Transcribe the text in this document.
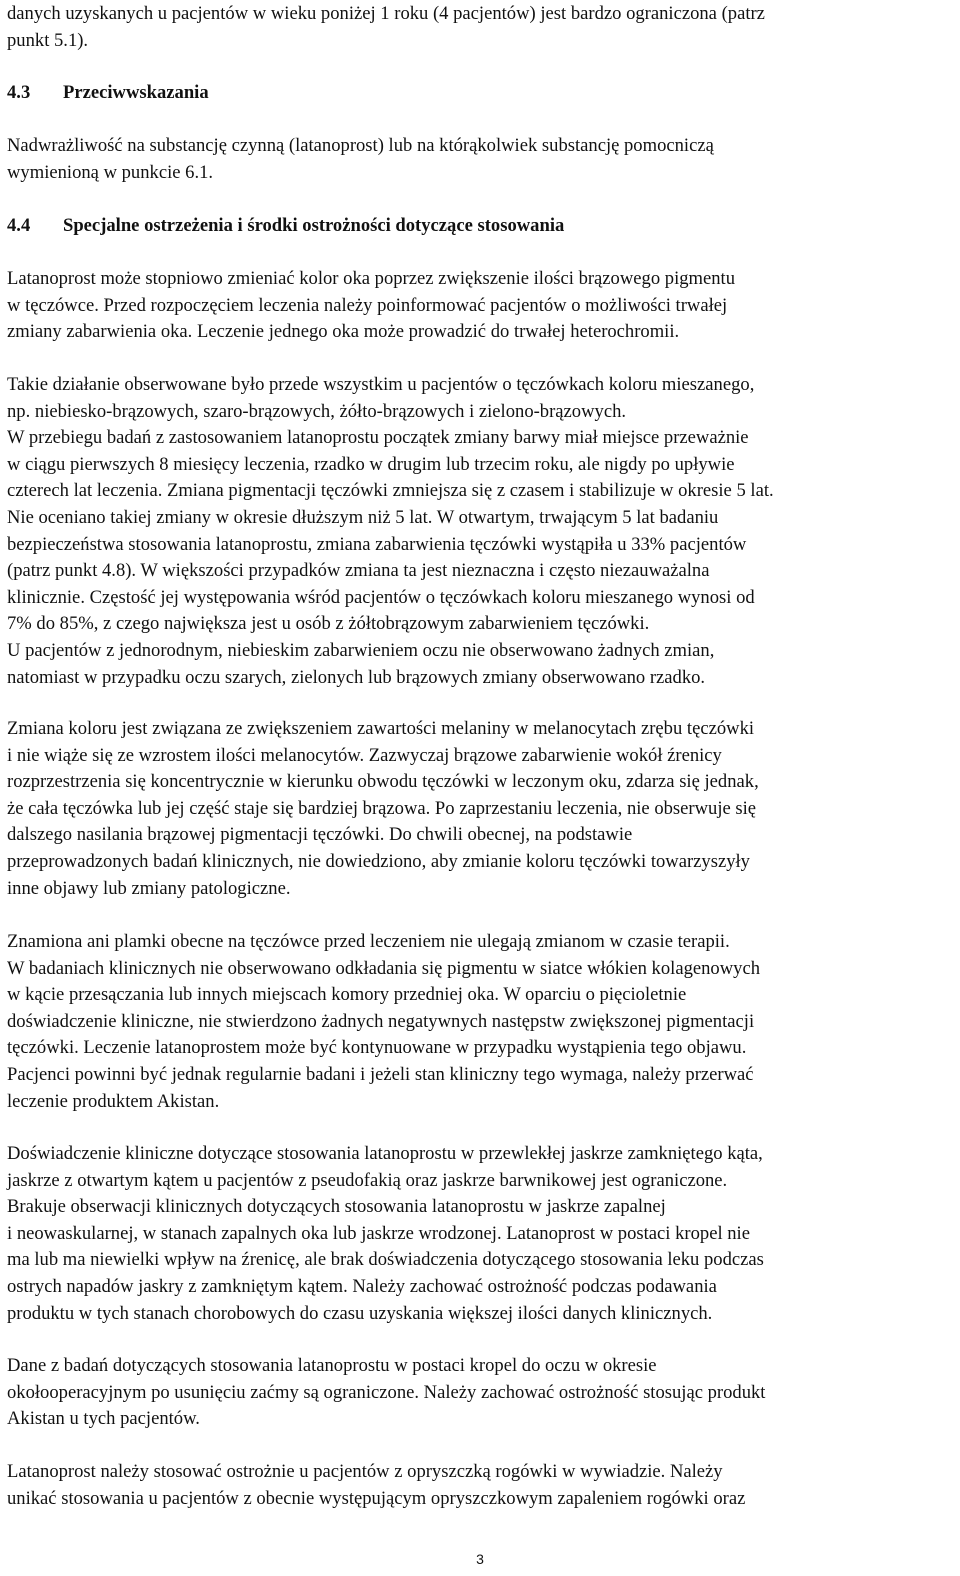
danych uzyskanych u pacjentów w wieku poniżej 1 roku (4 pacjentów) jest bardzo ograniczona (patrz
punkt 5.1).

4.3 Przeciwwskazania

Nadwrażliwość na substancję czynną (latanoprost) lub na którąkolwiek substancję pomocniczą
wymienioną w punkcie 6.1.

4.4 Specjalne ostrzeżenia i środki ostrożności dotyczące stosowania

Latanoprost może stopniowo zmieniać kolor oka poprzez zwiększenie ilości brązowego pigmentu
w tęczówce. Przed rozpoczęciem leczenia należy poinformować pacjentów o możliwości trwałej
zmiany zabarwienia oka. Leczenie jednego oka może prowadzić do trwałej heterochromii.

Takie działanie obserwowane było przede wszystkim u pacjentów o tęczówkach koloru mieszanego,
np. niebiesko-brązowych, szaro-brązowych, żółto-brązowych i zielono-brązowych.
W przebiegu badań z zastosowaniem latanoprostu początek zmiany barwy miał miejsce przeważnie
w ciągu pierwszych 8 miesięcy leczenia, rzadko w drugim lub trzecim roku, ale nigdy po upływie
czterech lat leczenia. Zmiana pigmentacji tęczówki zmniejsza się z czasem i stabilizuje w okresie 5 lat.
Nie oceniano takiej zmiany w okresie dłuższym niż 5 lat. W otwartym, trwającym 5 lat badaniu
bezpieczeństwa stosowania latanoprostu, zmiana zabarwienia tęczówki wystąpiła u 33% pacjentów
(patrz punkt 4.8). W większości przypadków zmiana ta jest nieznaczna i często niezauważalna
klinicznie. Częstość jej występowania wśród pacjentów o tęczówkach koloru mieszanego wynosi od
7% do 85%, z czego największa jest u osób z żółtobrązowym zabarwieniem tęczówki.
U pacjentów z jednorodnym, niebieskim zabarwieniem oczu nie obserwowano żadnych zmian,
natomiast w przypadku oczu szarych, zielonych lub brązowych zmiany obserwowano rzadko.

Zmiana koloru jest związana ze zwiększeniem zawartości melaniny w melanocytach zrębu tęczówki
i nie wiąże się ze wzrostem ilości melanocytów. Zazwyczaj brązowe zabarwienie wokół źrenicy
rozprzestrzenia się koncentrycznie w kierunku obwodu tęczówki w leczonym oku, zdarza się jednak,
że cała tęczówka lub jej część staje się bardziej brązowa. Po zaprzestaniu leczenia, nie obserwuje się
dalszego nasilania brązowej pigmentacji tęczówki. Do chwili obecnej, na podstawie
przeprowadzonych badań klinicznych, nie dowiedziono, aby zmianie koloru tęczówki towarzyszyły
inne objawy lub zmiany patologiczne.

Znamiona ani plamki obecne na tęczówce przed leczeniem nie ulegają zmianom w czasie terapii.
W badaniach klinicznych nie obserwowano odkładania się pigmentu w siatce włókien kolagenowych
w kącie przesączania lub innych miejscach komory przedniej oka. W oparciu o pięcioletnie
doświadczenie kliniczne, nie stwierdzono żadnych negatywnych następstw zwiększonej pigmentacji
tęczówki. Leczenie latanoprostem może być kontynuowane w przypadku wystąpienia tego objawu.
Pacjenci powinni być jednak regularnie badani i jeżeli stan kliniczny tego wymaga, należy przerwać
leczenie produktem Akistan.

Doświadczenie kliniczne dotyczące stosowania latanoprostu w przewlekłej jaskrze zamkniętego kąta,
jaskrze z otwartym kątem u pacjentów z pseudofakią oraz jaskrze barwnikowej jest ograniczone.
Brakuje obserwacji klinicznych dotyczących stosowania latanoprostu w jaskrze zapalnej
i neowaskularnej, w stanach zapalnych oka lub jaskrze wrodzonej. Latanoprost w postaci kropel nie
ma lub ma niewielki wpływ na źrenicę, ale brak doświadczenia dotyczącego stosowania leku podczas
ostrych napadów jaskry z zamkniętym kątem. Należy zachować ostrożność podczas podawania
produktu w tych stanach chorobowych do czasu uzyskania większej ilości danych klinicznych.

Dane z badań dotyczących stosowania latanoprostu w postaci kropel do oczu w okresie
okołooperacyjnym po usunięciu zaćmy są ograniczone. Należy zachować ostrożność stosując produkt
Akistan u tych pacjentów.

Latanoprost należy stosować ostrożnie u pacjentów z opryszczką rogówki w wywiadzie. Należy
unikać stosowania u pacjentów z obecnie występującym opryszczkowym zapaleniem rogówki oraz

3
